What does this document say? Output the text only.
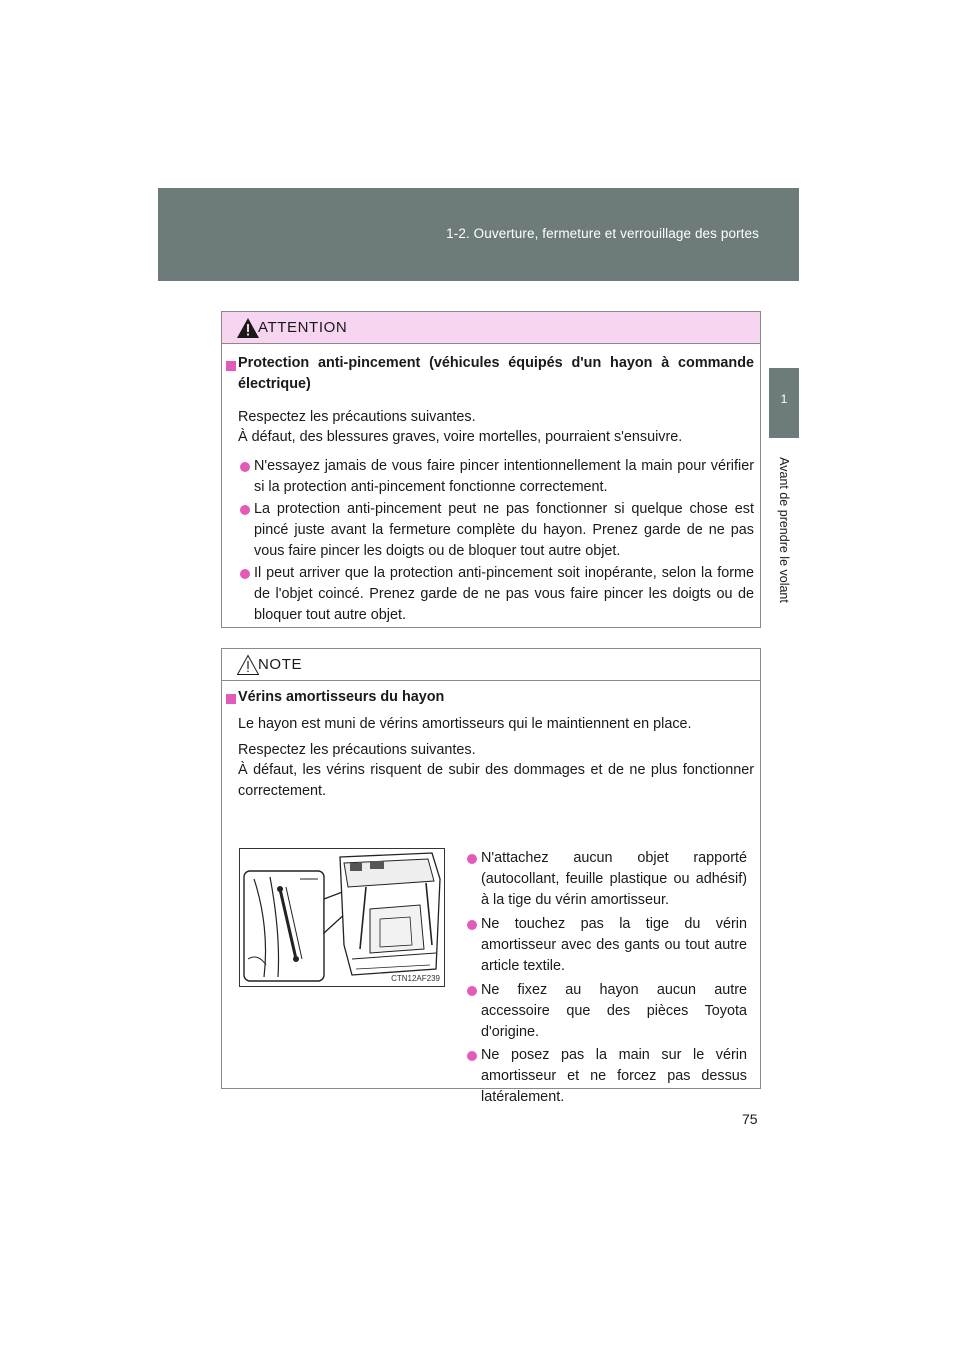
1-2. Ouverture, fermeture et verrouillage des portes
1
Avant de prendre le volant
ATTENTION
Protection anti-pincement (véhicules équipés d'un hayon à commande électrique)
Respectez les précautions suivantes.
À défaut, des blessures graves, voire mortelles, pourraient s'ensuivre.
N'essayez jamais de vous faire pincer intentionnellement la main pour vérifier si la protection anti-pincement fonctionne correctement.
La protection anti-pincement peut ne pas fonctionner si quelque chose est pincé juste avant la fermeture complète du hayon. Prenez garde de ne pas vous faire pincer les doigts ou de bloquer tout autre objet.
Il peut arriver que la protection anti-pincement soit inopérante, selon la forme de l'objet coincé. Prenez garde de ne pas vous faire pincer les doigts ou de bloquer tout autre objet.
NOTE
Vérins amortisseurs du hayon
Le hayon est muni de vérins amortisseurs qui le maintiennent en place.
Respectez les précautions suivantes.
À défaut, les vérins risquent de subir des dommages et de ne plus fonctionner correctement.
CTN12AF239
N'attachez aucun objet rapporté (autocollant, feuille plastique ou adhésif) à la tige du vérin amortisseur.
Ne touchez pas la tige du vérin amortisseur avec des gants ou tout autre article textile.
Ne fixez au hayon aucun autre accessoire que des pièces Toyota d'origine.
Ne posez pas la main sur le vérin amortisseur et ne forcez pas dessus latéralement.
75
